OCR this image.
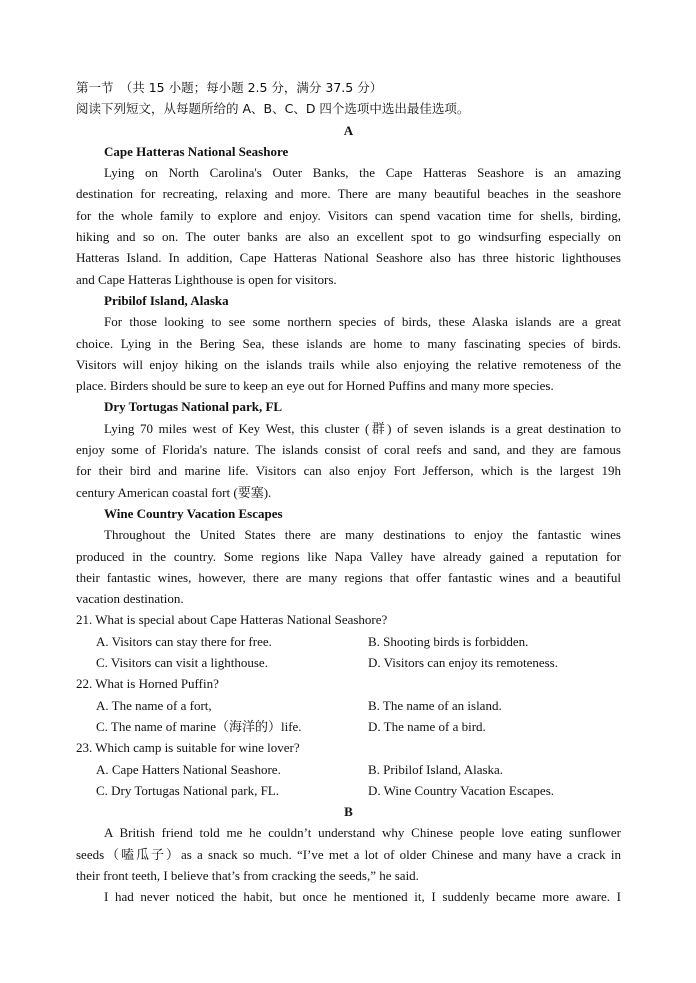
第一节　（共 15 小题；每小题 2.5 分，满分 37.5 分）
阅读下列短文，从每题所给的 A、B、C、D 四个选项中选出最佳选项。
A
Cape Hatteras National Seashore
Lying on North Carolina's Outer Banks, the Cape Hatteras Seashore is an amazing
destination for recreating, relaxing and more. There are many beautiful beaches in the seashore
for the whole family to explore and enjoy. Visitors can spend vacation time for shells, birding,
hiking and so on. The outer banks are also an excellent spot to go windsurfing especially on
Hatteras Island. In addition, Cape Hatteras National Seashore also has three historic lighthouses
and Cape Hatteras Lighthouse is open for visitors.
Pribilof Island, Alaska
For those looking to see some northern species of birds, these Alaska islands are a great
choice. Lying in the Bering Sea, these islands are home to many fascinating species of birds.
Visitors will enjoy hiking on the islands trails while also enjoying the relative remoteness of the
place. Birders should be sure to keep an eye out for Horned Puffins and many more species.
Dry Tortugas National park, FL
Lying 70 miles west of Key West, this cluster (群) of seven islands is a great destination to
enjoy some of Florida's nature. The islands consist of coral reefs and sand, and they are famous
for their bird and marine life. Visitors can also enjoy Fort Jefferson, which is the largest 19h
century American coastal fort (要塞).
Wine Country Vacation Escapes
Throughout the United States there are many destinations to enjoy the fantastic wines
produced in the country. Some regions like Napa Valley have already gained a reputation for
their fantastic wines, however, there are many regions that offer fantastic wines and a beautiful
vacation destination.
21. What is special about Cape Hatteras National Seashore?
A. Visitors can stay there for free.	B. Shooting birds is forbidden.
C. Visitors can visit a lighthouse.	D. Visitors can enjoy its remoteness.
22. What is Horned Puffin?
A. The name of a fort,	B. The name of an island.
C. The name of marine（海洋的）life.	D. The name of a bird.
23. Which camp is suitable for wine lover?
A. Cape Hatters National Seashore.	B. Pribilof Island, Alaska.
C. Dry Tortugas National park, FL.	D. Wine Country Vacation Escapes.
B
A British friend told me he couldn’t understand why Chinese people love eating sunflower
seeds（嗑瓜子）as a snack so much. “I’ve met a lot of older Chinese and many have a crack in
their front teeth, I believe that’s from cracking the seeds,” he said.
I had never noticed the habit, but once he mentioned it, I suddenly became more aware. I
